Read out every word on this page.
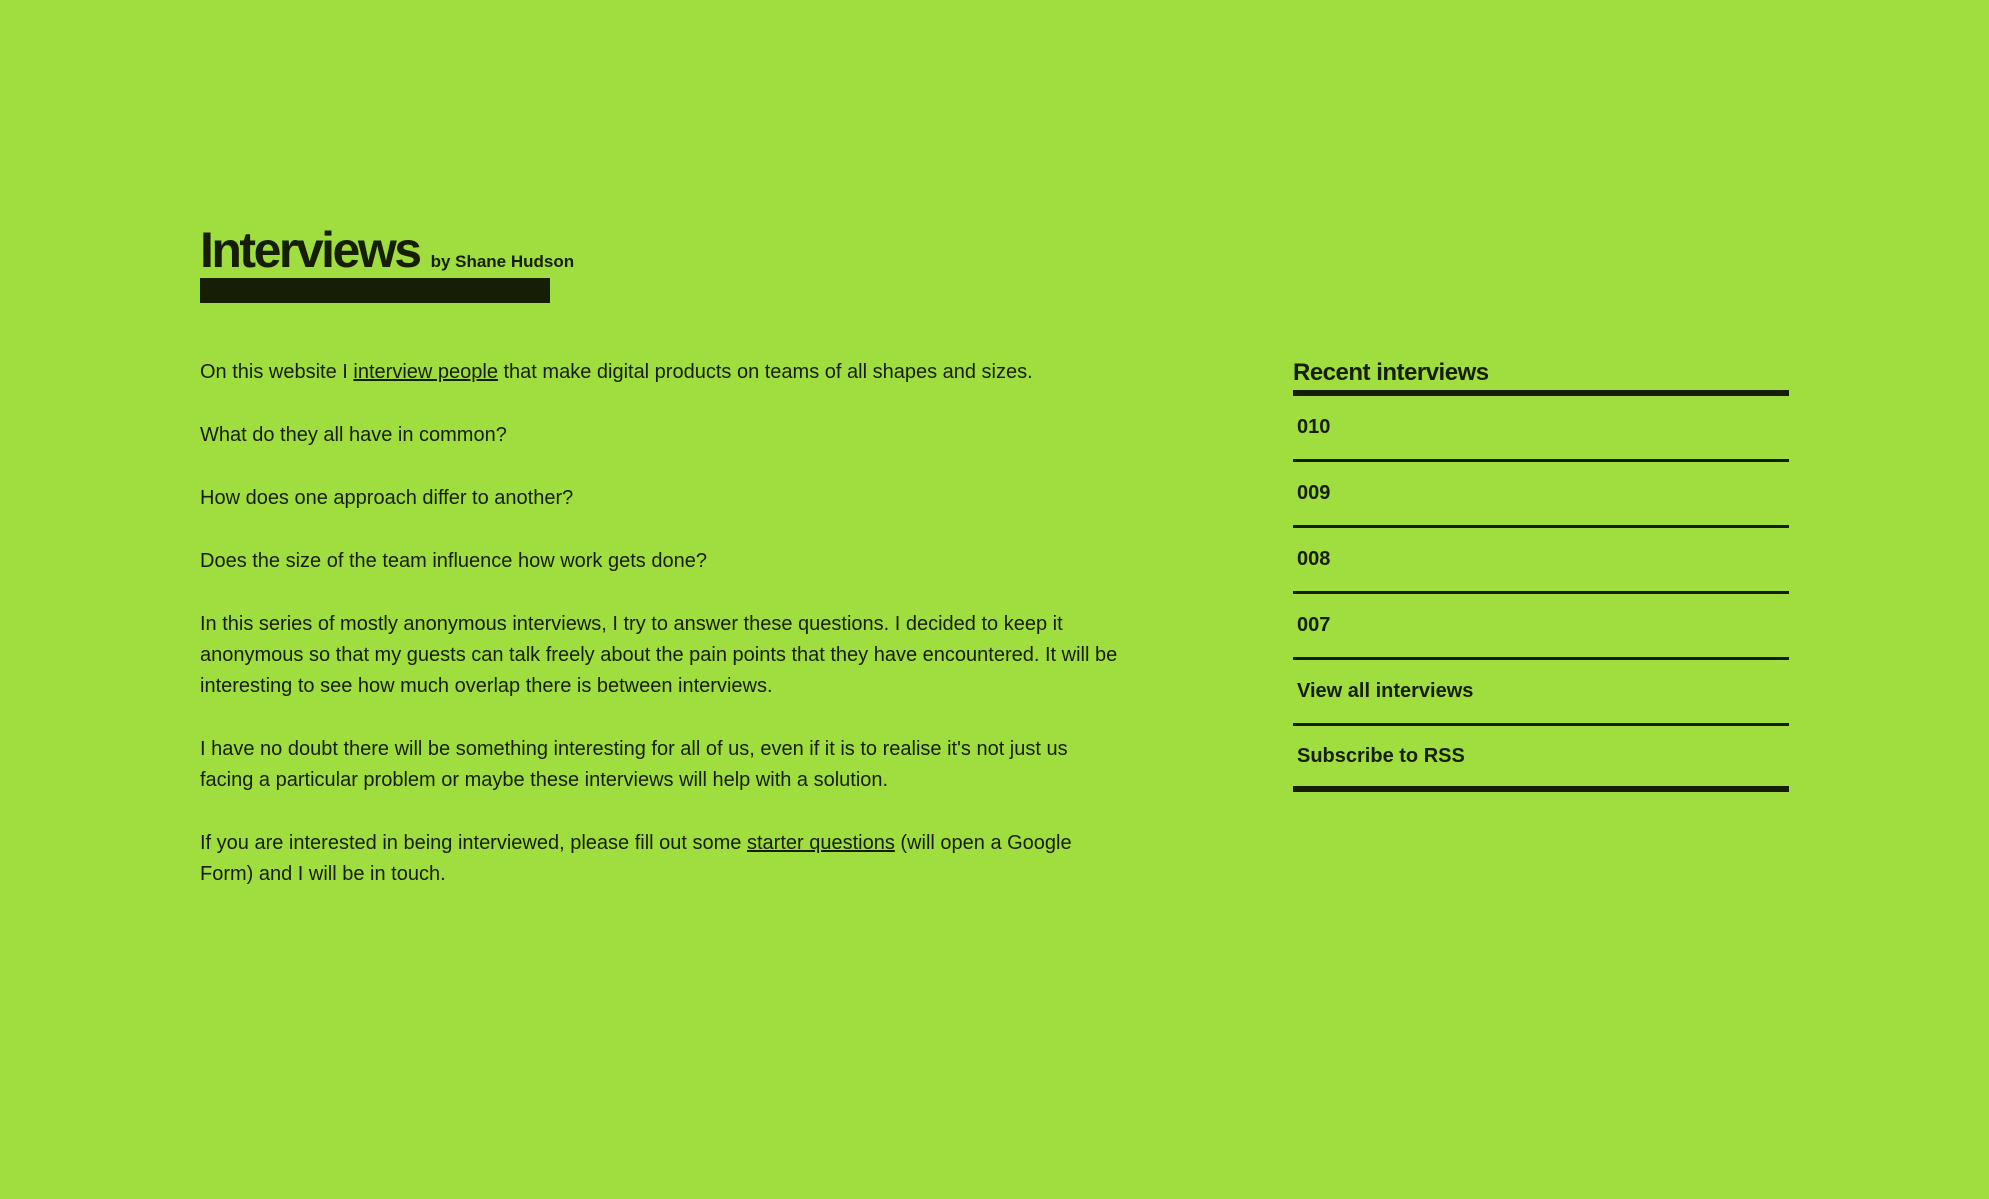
Interviews by Shane Hudson

On this website I interview people that make digital products on teams of all shapes and sizes.

What do they all have in common?

How does one approach differ to another?

Does the size of the team influence how work gets done?

In this series of mostly anonymous interviews, I try to answer these questions. I decided to keep it anonymous so that my guests can talk freely about the pain points that they have encountered. It will be interesting to see how much overlap there is between interviews.

I have no doubt there will be something interesting for all of us, even if it is to realise it's not just us facing a particular problem or maybe these interviews will help with a solution.

If you are interested in being interviewed, please fill out some starter questions (will open a Google Form) and I will be in touch.

Recent interviews
010
009
008
007
View all interviews
Subscribe to RSS
